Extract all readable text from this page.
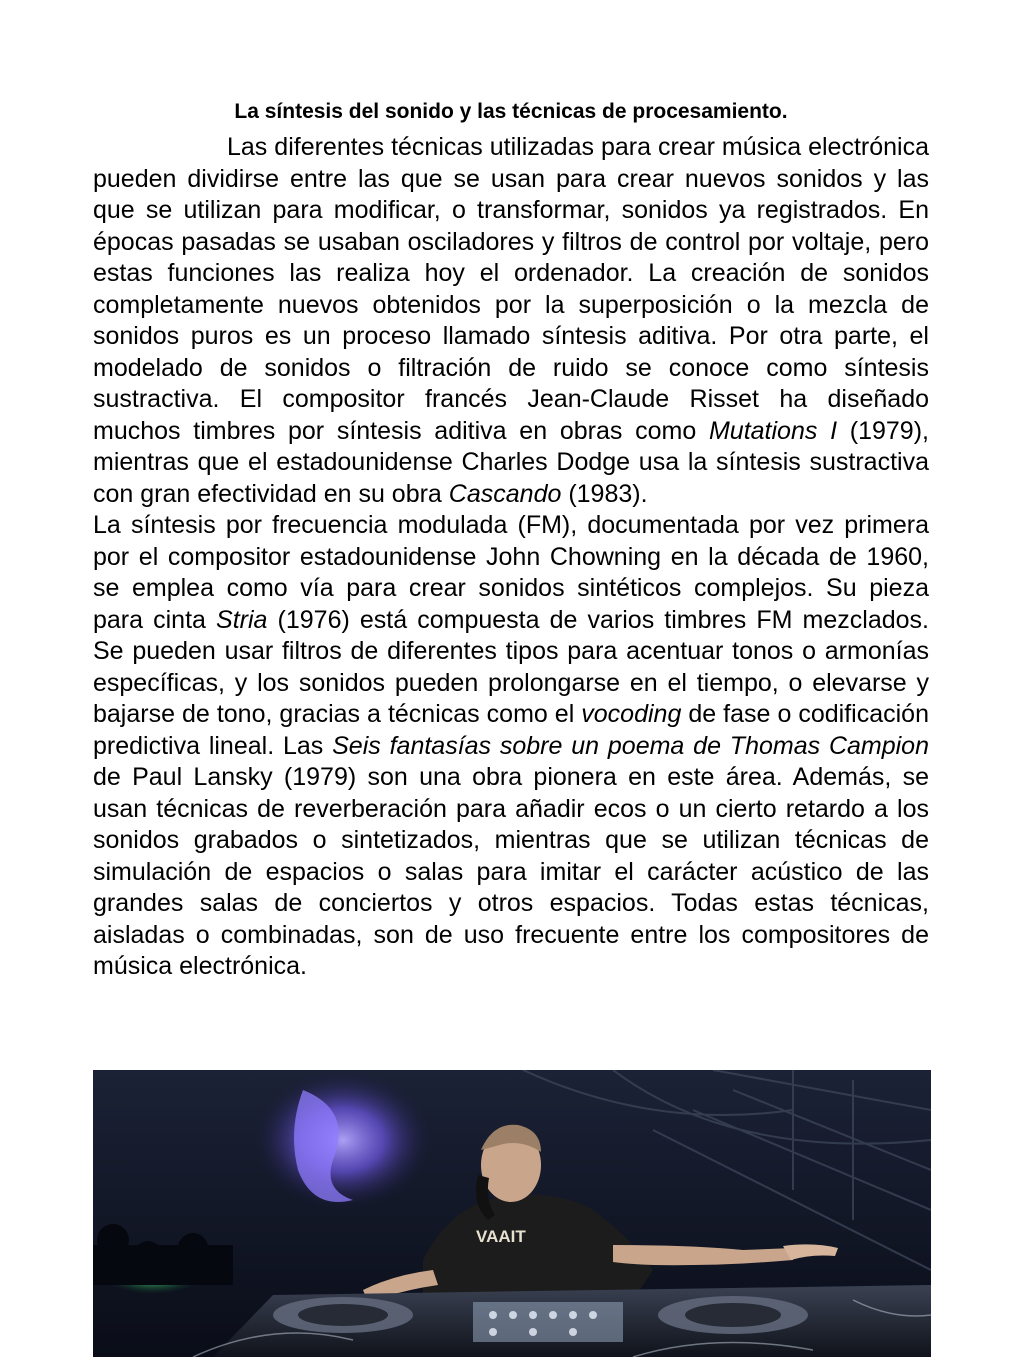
La síntesis del sonido y las técnicas de procesamiento.

Las diferentes técnicas utilizadas para crear música electrónica pueden dividirse entre las que se usan para crear nuevos sonidos y las que se utilizan para modificar, o transformar, sonidos ya registrados. En épocas pasadas se usaban osciladores y filtros de control por voltaje, pero estas funciones las realiza hoy el ordenador. La creación de sonidos completamente nuevos obtenidos por la superposición o la mezcla de sonidos puros es un proceso llamado síntesis aditiva. Por otra parte, el modelado de sonidos o filtración de ruido se conoce como síntesis sustractiva. El compositor francés Jean-Claude Risset ha diseñado muchos timbres por síntesis aditiva en obras como Mutations I (1979), mientras que el estadounidense Charles Dodge usa la síntesis sustractiva con gran efectividad en su obra Cascando (1983).

La síntesis por frecuencia modulada (FM), documentada por vez primera por el compositor estadounidense John Chowning en la década de 1960, se emplea como vía para crear sonidos sintéticos complejos. Su pieza para cinta Stria (1976) está compuesta de varios timbres FM mezclados. Se pueden usar filtros de diferentes tipos para acentuar tonos o armonías específicas, y los sonidos pueden prolongarse en el tiempo, o elevarse y bajarse de tono, gracias a técnicas como el vocoding de fase o codificación predictiva lineal. Las Seis fantasías sobre un poema de Thomas Campion de Paul Lansky (1979) son una obra pionera en este área. Además, se usan técnicas de reverberación para añadir ecos o un cierto retardo a los sonidos grabados o sintetizados, mientras que se utilizan técnicas de simulación de espacios o salas para imitar el carácter acústico de las grandes salas de conciertos y otros espacios. Todas estas técnicas, aisladas o combinadas, son de uso frecuente entre los compositores de música electrónica.

VAAIT
